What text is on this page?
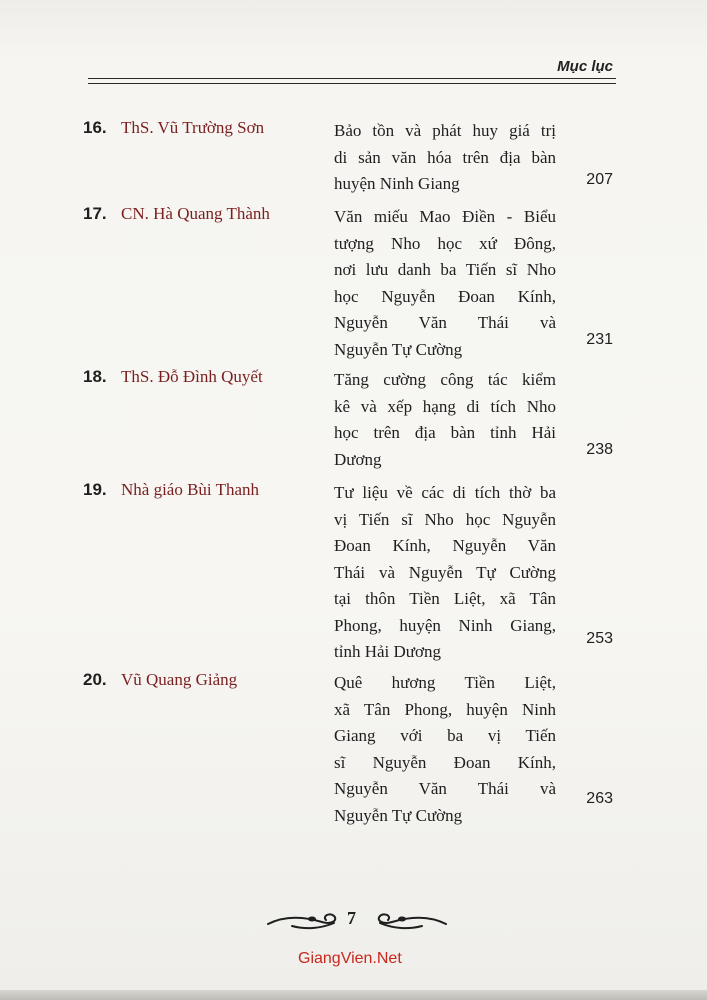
Mục lục
16. ThS. Vũ Trường Sơn	Bảo tồn và phát huy giá trị
di sản văn hóa trên địa bàn
huyện Ninh Giang	207
17. CN. Hà Quang Thành	Văn miếu Mao Điền - Biểu
tượng Nho học xứ Đông,
nơi lưu danh ba Tiến sĩ Nho
học Nguyễn Đoan Kính,
Nguyễn Văn Thái và
Nguyễn Tự Cường	231
18. ThS. Đỗ Đình Quyết	Tăng cường công tác kiểm
kê và xếp hạng di tích Nho
học trên địa bàn tỉnh Hải
Dương	238
19. Nhà giáo Bùi Thanh	Tư liệu về các di tích thờ ba
vị Tiến sĩ Nho học Nguyễn
Đoan Kính, Nguyễn Văn
Thái và Nguyễn Tự Cường
tại thôn Tiền Liệt, xã Tân
Phong, huyện Ninh Giang,
tỉnh Hải Dương
253
20. Vũ Quang Giảng	Quê hương Tiền Liệt,
xã Tân Phong, huyện Ninh
Giang với ba vị Tiến
sĩ Nguyễn Đoan Kính,
Nguyễn Văn Thái và
Nguyễn Tự Cường
263
7
GiangVien.Net
